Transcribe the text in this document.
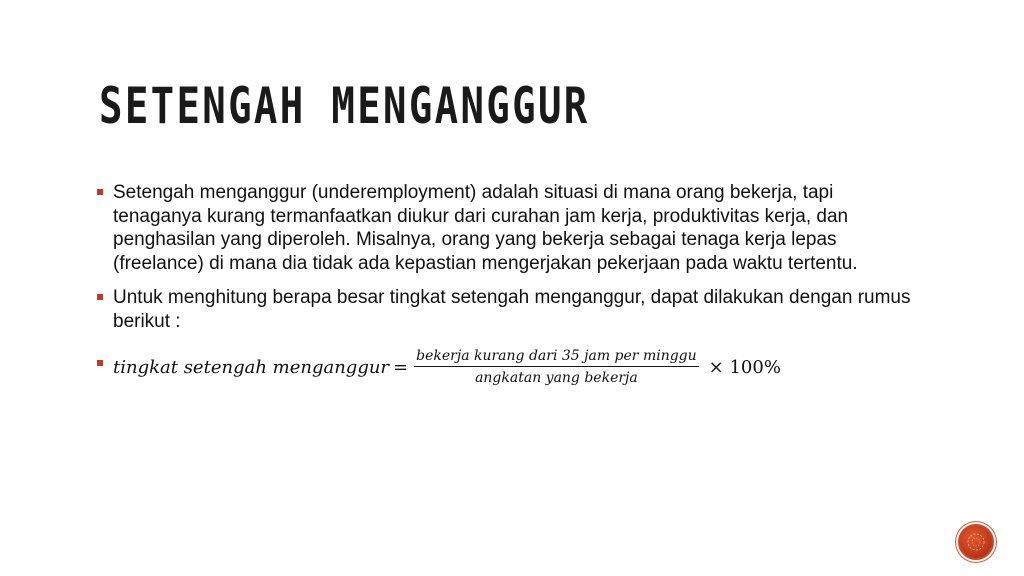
SETENGAH MENGANGGUR
Setengah menganggur (underemployment) adalah situasi di mana orang bekerja, tapi tenaganya kurang termanfaatkan diukur dari curahan jam kerja, produktivitas kerja, dan penghasilan yang diperoleh. Misalnya, orang yang bekerja sebagai tenaga kerja lepas (freelance) di mana dia tidak ada kepastian mengerjakan pekerjaan pada waktu tertentu.
Untuk menghitung berapa besar tingkat setengah menganggur, dapat dilakukan dengan rumus berikut :
tingkat setengah menganggur = $\frac{\text{bekerja kurang dari 35 jam per minggu}}{\text{angkatan yang bekerja}} \times 100\%$
